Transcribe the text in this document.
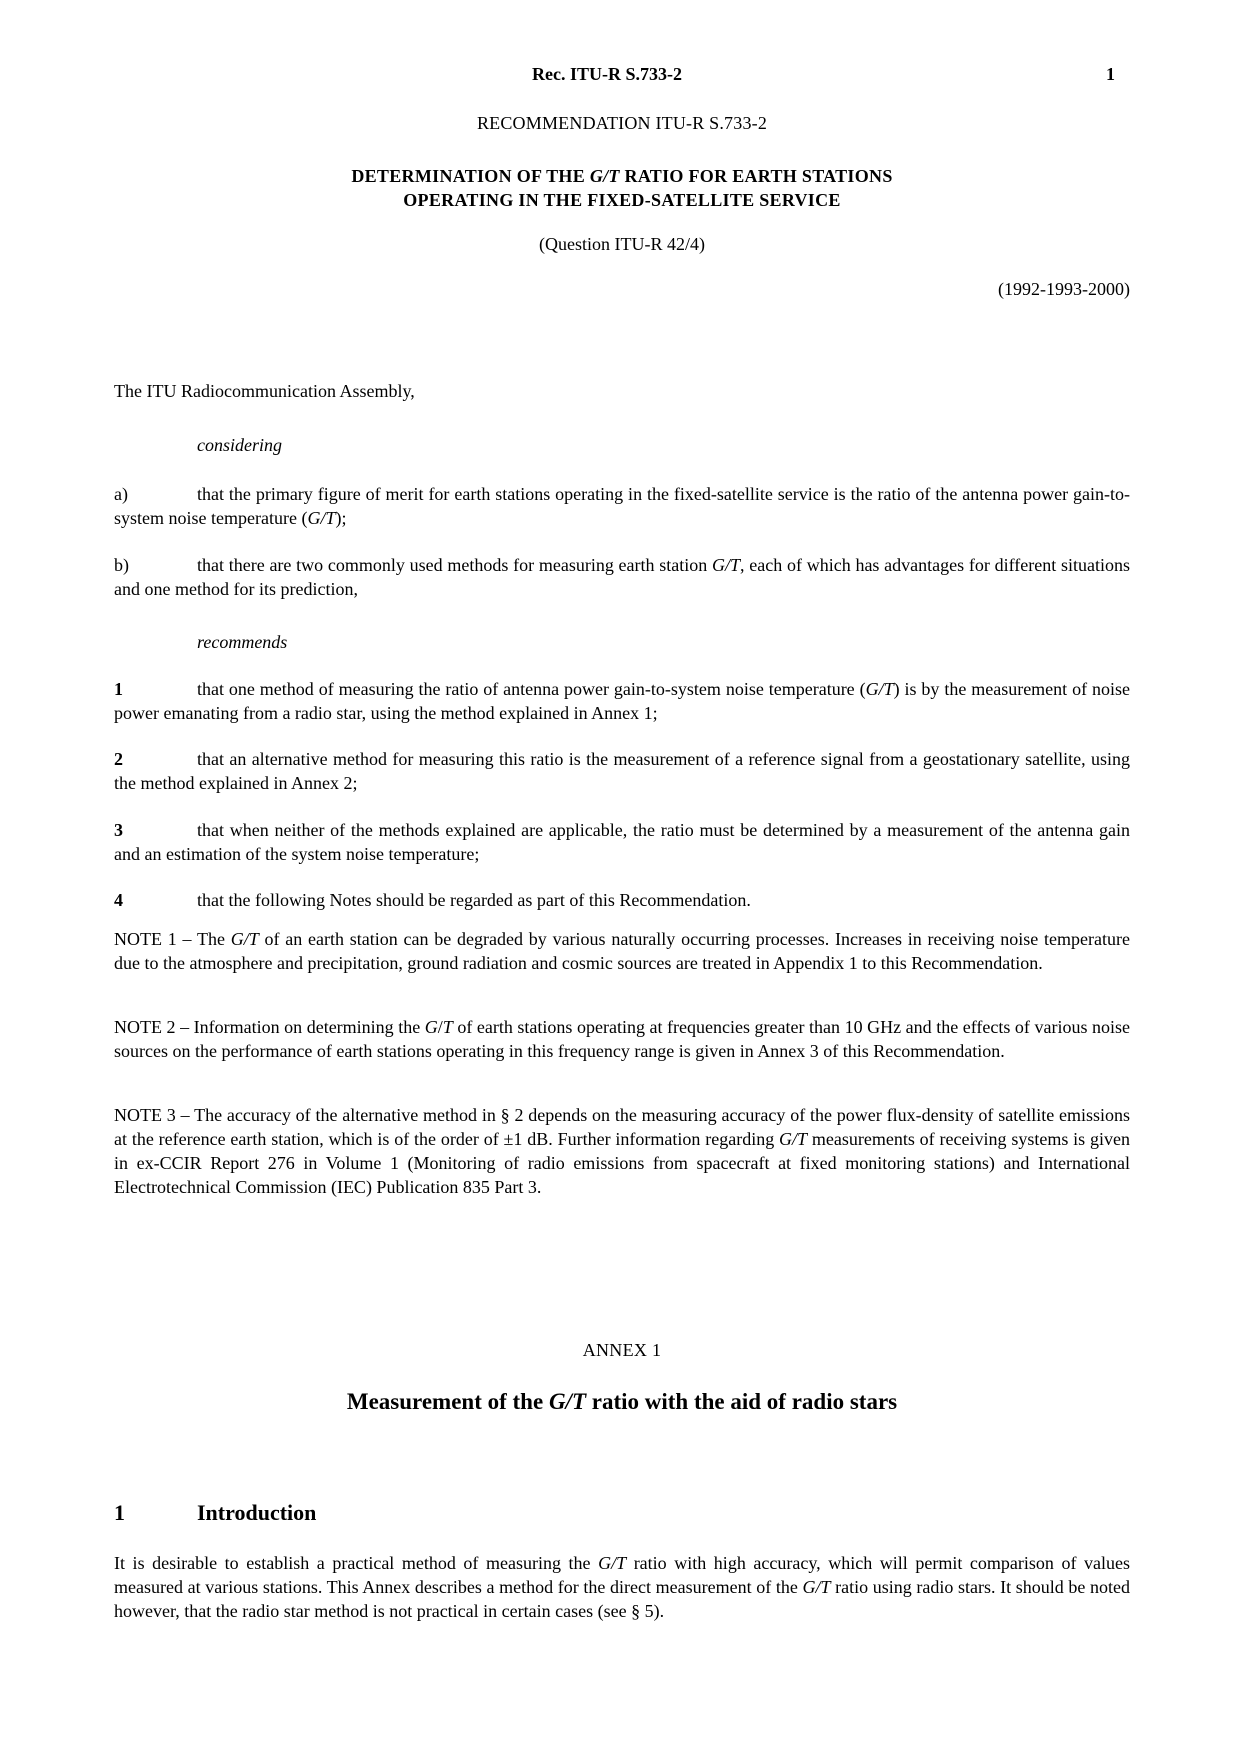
Rec. ITU-R S.733-2	1
RECOMMENDATION ITU-R S.733-2
DETERMINATION OF THE G/T RATIO FOR EARTH STATIONS
OPERATING IN THE FIXED-SATELLITE SERVICE
(Question ITU-R 42/4)
(1992-1993-2000)
The ITU Radiocommunication Assembly,
considering
a)	that the primary figure of merit for earth stations operating in the fixed-satellite service is the ratio of the antenna power gain-to-system noise temperature (G/T);
b)	that there are two commonly used methods for measuring earth station G/T, each of which has advantages for different situations and one method for its prediction,
recommends
1	that one method of measuring the ratio of antenna power gain-to-system noise temperature (G/T) is by the measurement of noise power emanating from a radio star, using the method explained in Annex 1;
2	that an alternative method for measuring this ratio is the measurement of a reference signal from a geostationary satellite, using the method explained in Annex 2;
3	that when neither of the methods explained are applicable, the ratio must be determined by a measurement of the antenna gain and an estimation of the system noise temperature;
4	that the following Notes should be regarded as part of this Recommendation.
NOTE 1 – The G/T of an earth station can be degraded by various naturally occurring processes. Increases in receiving noise temperature due to the atmosphere and precipitation, ground radiation and cosmic sources are treated in Appendix 1 to this Recommendation.
NOTE 2 – Information on determining the G/T of earth stations operating at frequencies greater than 10 GHz and the effects of various noise sources on the performance of earth stations operating in this frequency range is given in Annex 3 of this Recommendation.
NOTE 3 – The accuracy of the alternative method in § 2 depends on the measuring accuracy of the power flux-density of satellite emissions at the reference earth station, which is of the order of ±1 dB. Further information regarding G/T measurements of receiving systems is given in ex-CCIR Report 276 in Volume 1 (Monitoring of radio emissions from spacecraft at fixed monitoring stations) and International Electrotechnical Commission (IEC) Publication 835 Part 3.
ANNEX 1
Measurement of the G/T ratio with the aid of radio stars
1	Introduction
It is desirable to establish a practical method of measuring the G/T ratio with high accuracy, which will permit comparison of values measured at various stations. This Annex describes a method for the direct measurement of the G/T ratio using radio stars. It should be noted however, that the radio star method is not practical in certain cases (see § 5).
